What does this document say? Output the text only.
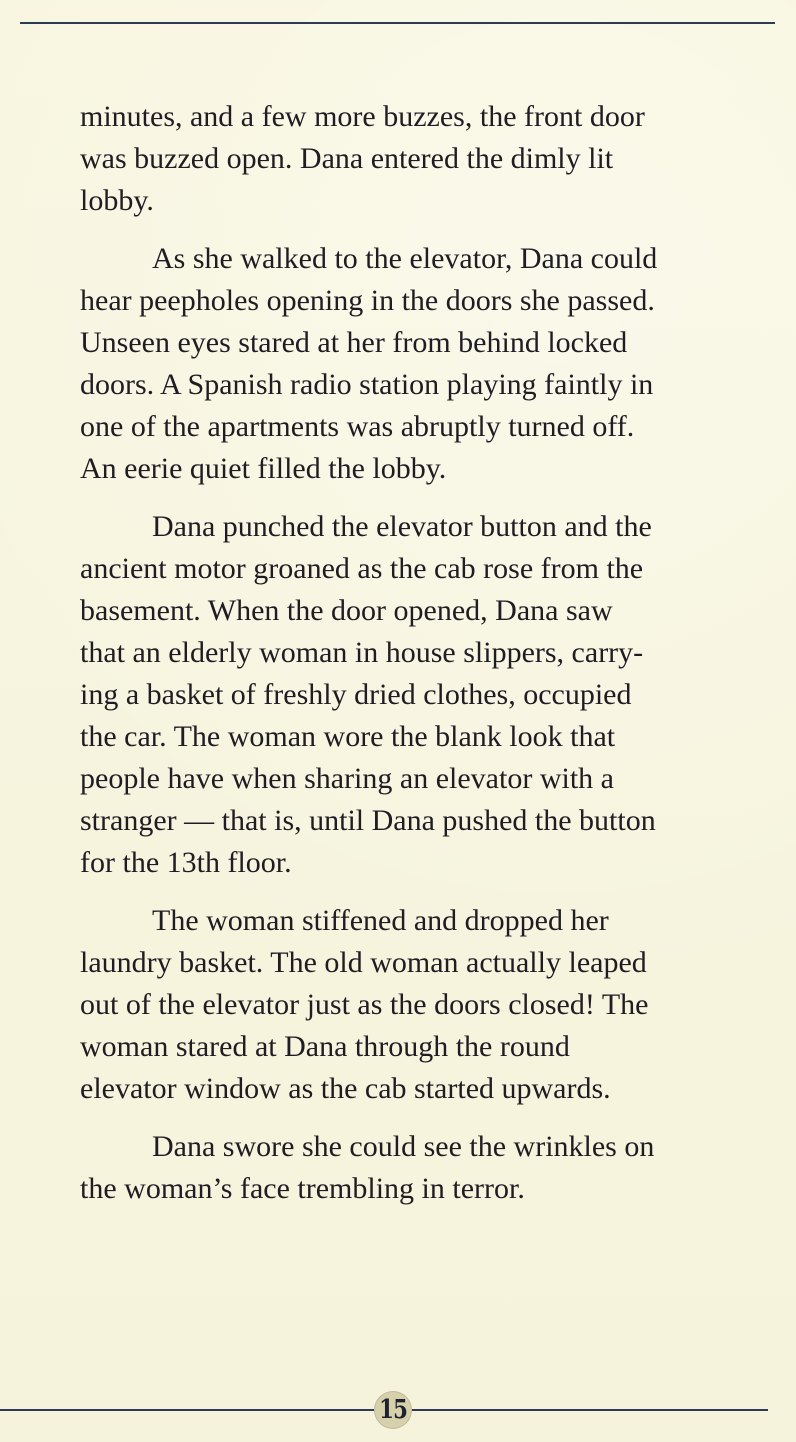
minutes, and a few more buzzes, the front door
was buzzed open. Dana entered the dimly lit
lobby.

As she walked to the elevator, Dana could
hear peepholes opening in the doors she passed.
Unseen eyes stared at her from behind locked
doors. A Spanish radio station playing faintly in
one of the apartments was abruptly turned off.
An eerie quiet filled the lobby.

Dana punched the elevator button and the
ancient motor groaned as the cab rose from the
basement. When the door opened, Dana saw
that an elderly woman in house slippers, carry-
ing a basket of freshly dried clothes, occupied
the car. The woman wore the blank look that
people have when sharing an elevator with a
stranger — that is, until Dana pushed the button
for the 13th floor.

The woman stiffened and dropped her
laundry basket. The old woman actually leaped
out of the elevator just as the doors closed! The
woman stared at Dana through the round
elevator window as the cab started upwards.

Dana swore she could see the wrinkles on
the woman’s face trembling in terror.

15
